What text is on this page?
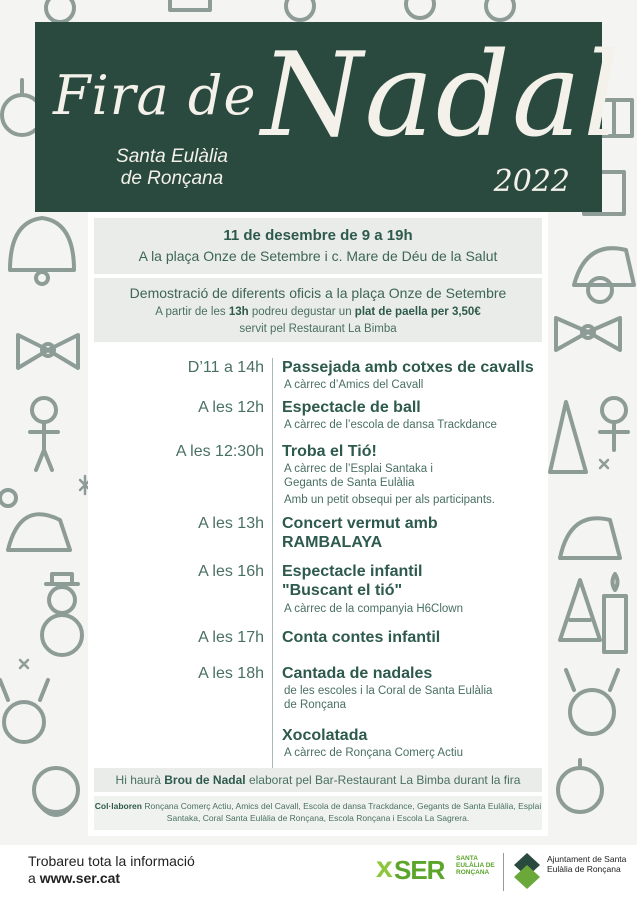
Fira de Nadal
Santa Eulàlia
de Ronçana	2022
11 de desembre de 9 a 19h
A la plaça Onze de Setembre i c. Mare de Déu de la Salut
Demostració de diferents oficis a la plaça Onze de Setembre
A partir de les 13h podreu degustar un plat de paella per 3,50€
servit pel Restaurant La Bimba
D’11 a 14h Passejada amb cotxes de cavalls
A càrrec d’Amics del Cavall
A les 12h Espectacle de ball
A càrrec de l’escola de dansa Trackdance
A les 12:30h Troba el Tió!
A càrrec de l’Esplai Santaka i Gegants de Santa Eulàlia
Amb un petit obsequi per als participants.
A les 13h Concert vermut amb RAMBALAYA
A les 16h Espectacle infantil "Buscant el tió"
A càrrec de la companyia H6Clown
A les 17h Conta contes infantil
A les 18h Cantada de nadales
de les escoles i la Coral de Santa Eulàlia de Ronçana
Xocolatada
A càrrec de Ronçana Comerç Actiu
Hi haurà Brou de Nadal elaborat pel Bar-Restaurant La Bimba durant la fira
Col·laboren Ronçana Comerç Actiu, Amics del Cavall, Escola de dansa Trackdance, Gegants de Santa Eulàlia, Esplai Santaka, Coral Santa Eulàlia de Ronçana, Escola Ronçana i Escola La Sagrera.
Trobareu tota la informació
a www.ser.cat	x SER SANTA EULÀLIA DE RONÇANA
Ajuntament de Santa Eulàlia de Ronçana
